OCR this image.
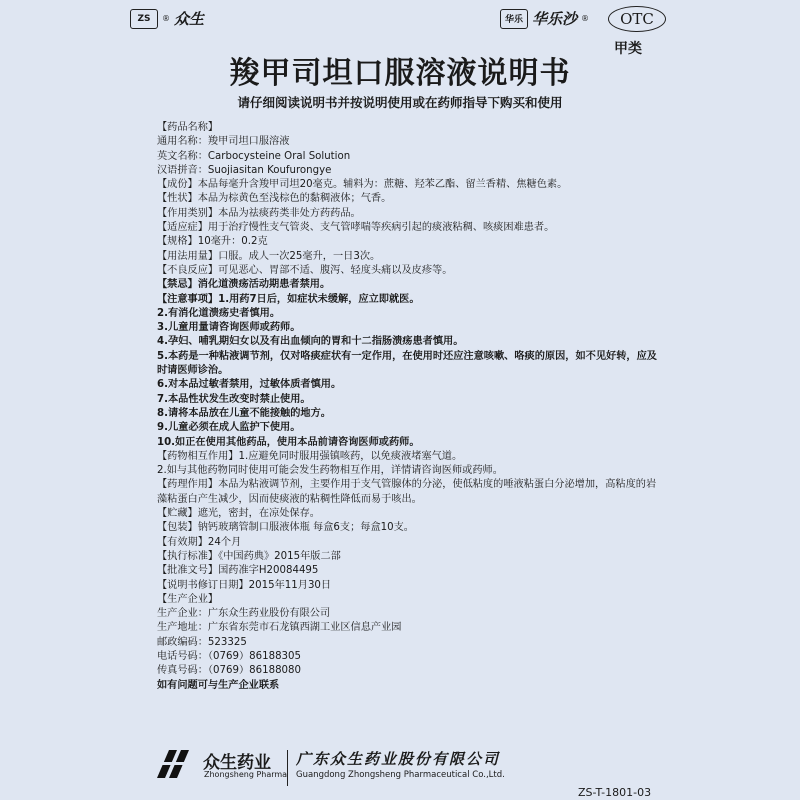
ZS	® 众生	华乐 华乐沙 ®	OTC
甲类
羧甲司坦口服溶液说明书
请仔细阅读说明书并按说明使用或在药师指导下购买和使用
【药品名称】
通用名称：羧甲司坦口服溶液
英文名称：Carbocysteine Oral Solution
汉语拼音：Suojiasitan Koufurongye
【成份】本品每毫升含羧甲司坦20毫克。辅料为：蔗糖、羟苯乙酯、留兰香精、焦糖色素。
【性状】本品为棕黄色至浅棕色的黏稠液体；气香。
【作用类别】本品为祛痰药类非处方药药品。
【适应症】用于治疗慢性支气管炎、支气管哮喘等疾病引起的痰液粘稠、咳痰困难患者。
【规格】10毫升：0.2克
【用法用量】口服。成人一次25毫升，一日3次。
【不良反应】可见恶心、胃部不适、腹泻、轻度头痛以及皮疹等。
【禁忌】消化道溃疡活动期患者禁用。
【注意事项】1.用药7日后，如症状未缓解，应立即就医。
2.有消化道溃疡史者慎用。
3.儿童用量请咨询医师或药师。
4.孕妇、哺乳期妇女以及有出血倾向的胃和十二指肠溃疡患者慎用。
5.本药是一种粘液调节剂，仅对咯痰症状有一定作用，在使用时还应注意咳嗽、咯痰的原因，如不见好转，应及时请医师诊治。
6.对本品过敏者禁用，过敏体质者慎用。
7.本品性状发生改变时禁止使用。
8.请将本品放在儿童不能接触的地方。
9.儿童必须在成人监护下使用。
10.如正在使用其他药品，使用本品前请咨询医师或药师。
【药物相互作用】1.应避免同时服用强镇咳药，以免痰液堵塞气道。
2.如与其他药物同时使用可能会发生药物相互作用，详情请咨询医师或药师。
【药理作用】本品为粘液调节剂，主要作用于支气管腺体的分泌，使低粘度的唾液粘蛋白分泌增加，高粘度的岩藻粘蛋白产生减少，因而使痰液的粘稠性降低而易于咳出。
【贮藏】遮光，密封，在凉处保存。
【包装】钠钙玻璃管制口服液体瓶 每盒6支；每盒10支。
【有效期】24个月
【执行标准】《中国药典》2015年版二部
【批准文号】国药准字H20084495
【说明书修订日期】2015年11月30日
【生产企业】
生产企业：广东众生药业股份有限公司
生产地址：广东省东莞市石龙镇西湖工业区信息产业园
邮政编码：523325
电话号码：（0769）86188305
传真号码：（0769）86188080
如有问题可与生产企业联系
众生药业
Zhongsheng Pharma
广东众生药业股份有限公司
Guangdong Zhongsheng Pharmaceutical Co.,Ltd.
ZS-T-1801-03
